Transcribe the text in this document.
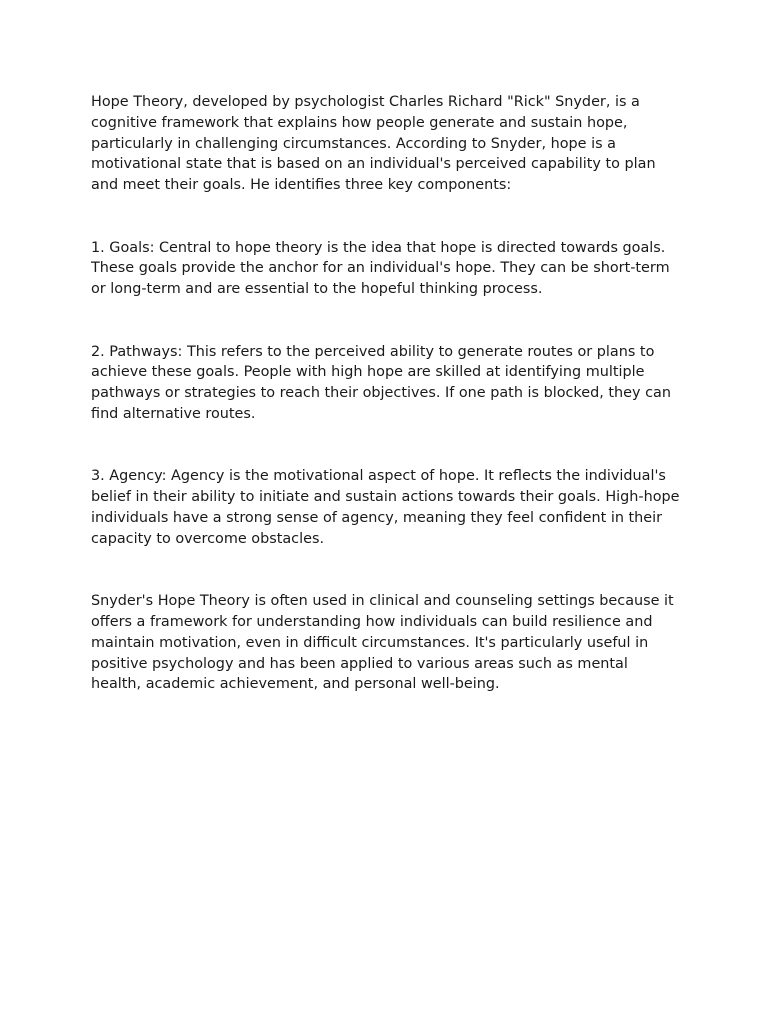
Hope Theory, developed by psychologist Charles Richard "Rick" Snyder, is a cognitive framework that explains how people generate and sustain hope, particularly in challenging circumstances. According to Snyder, hope is a motivational state that is based on an individual's perceived capability to plan and meet their goals. He identifies three key components:

1. Goals: Central to hope theory is the idea that hope is directed towards goals. These goals provide the anchor for an individual's hope. They can be short-term or long-term and are essential to the hopeful thinking process.

2. Pathways: This refers to the perceived ability to generate routes or plans to achieve these goals. People with high hope are skilled at identifying multiple pathways or strategies to reach their objectives. If one path is blocked, they can find alternative routes.

3. Agency: Agency is the motivational aspect of hope. It reflects the individual's belief in their ability to initiate and sustain actions towards their goals. High-hope individuals have a strong sense of agency, meaning they feel confident in their capacity to overcome obstacles.

Snyder's Hope Theory is often used in clinical and counseling settings because it offers a framework for understanding how individuals can build resilience and maintain motivation, even in difficult circumstances. It's particularly useful in positive psychology and has been applied to various areas such as mental health, academic achievement, and personal well-being.
